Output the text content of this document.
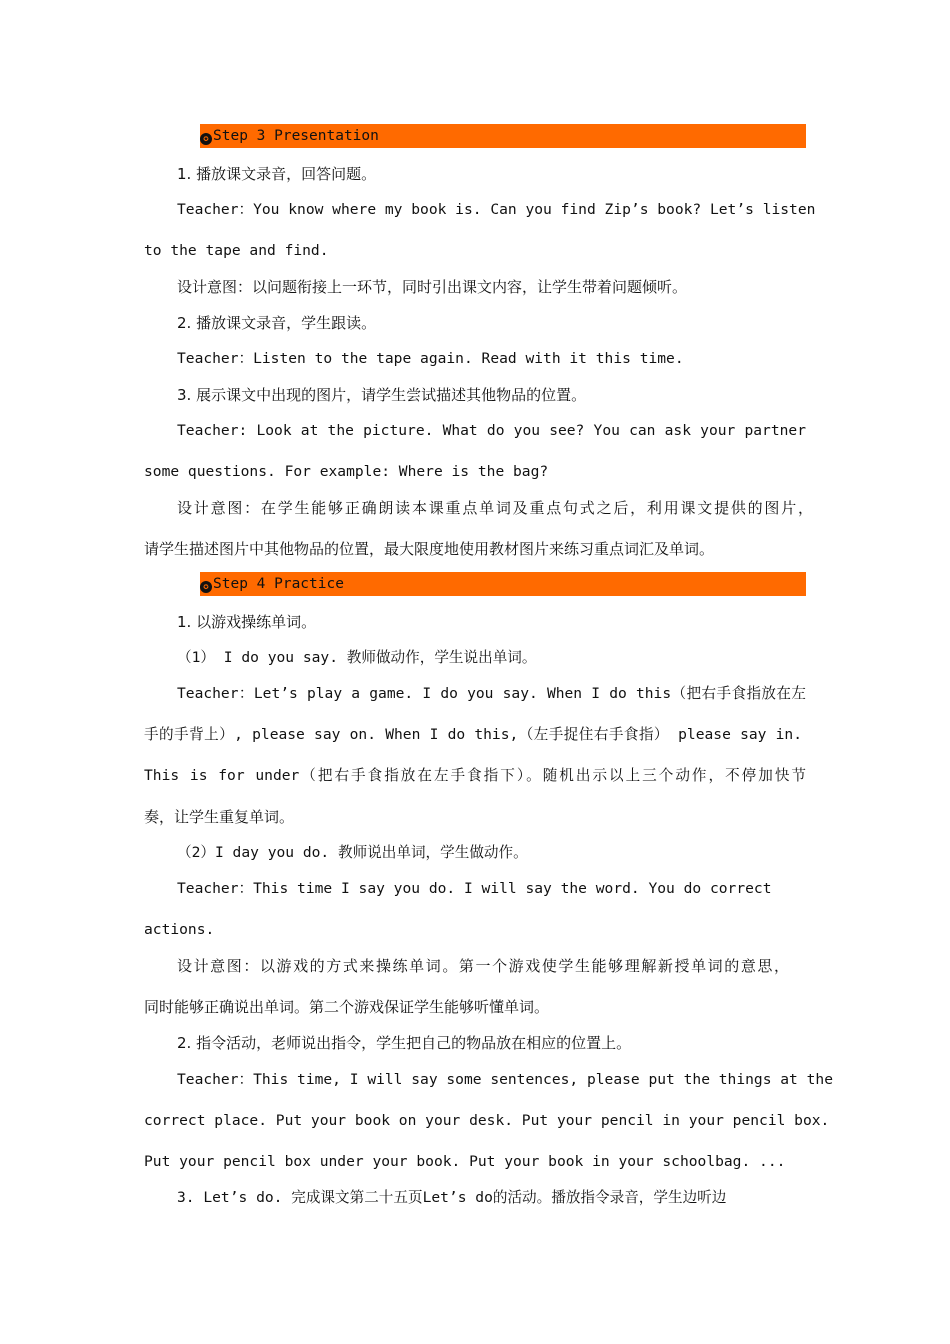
✪ Step 3 Presentation
1. 播放课文录音，回答问题。
Teacher：You know where my book is. Can you find Zip’s book? Let’s listen
to the tape and find.
设计意图：以问题衔接上一环节，同时引出课文内容，让学生带着问题倾听。
2. 播放课文录音，学生跟读。
Teacher：Listen to the tape again. Read with it this time.
3. 展示课文中出现的图片，请学生尝试描述其他物品的位置。
Teacher: Look at the picture. What do you see? You can ask your partner
some questions. For example: Where is the bag?
设计意图：在学生能够正确朗读本课重点单词及重点句式之后，利用课文提供的图片，
请学生描述图片中其他物品的位置，最大限度地使用教材图片来练习重点词汇及单词。
✪ Step 4 Practice
1. 以游戏操练单词。
（1） I do you say. 教师做动作，学生说出单词。
Teacher：Let’s play a game. I do you say. When I do this（把右手食指放在左
手的手背上）, please say on. When I do this,（左手捉住右手食指） please say in.
This is for under（把右手食指放在左手食指下）。随机出示以上三个动作，不停加快节
奏，让学生重复单词。
（2）I day you do. 教师说出单词，学生做动作。
Teacher：This time I say you do. I will say the word. You do correct
actions.
设计意图：以游戏的方式来操练单词。第一个游戏使学生能够理解新授单词的意思，
同时能够正确说出单词。第二个游戏保证学生能够听懂单词。
2. 指令活动，老师说出指令，学生把自己的物品放在相应的位置上。
Teacher：This time, I will say some sentences, please put the things at the
correct place. Put your book on your desk. Put your pencil in your pencil box.
Put your pencil box under your book. Put your book in your schoolbag. ...
3. Let’s do. 完成课文第二十五页Let’s do的活动。播放指令录音，学生边听边
